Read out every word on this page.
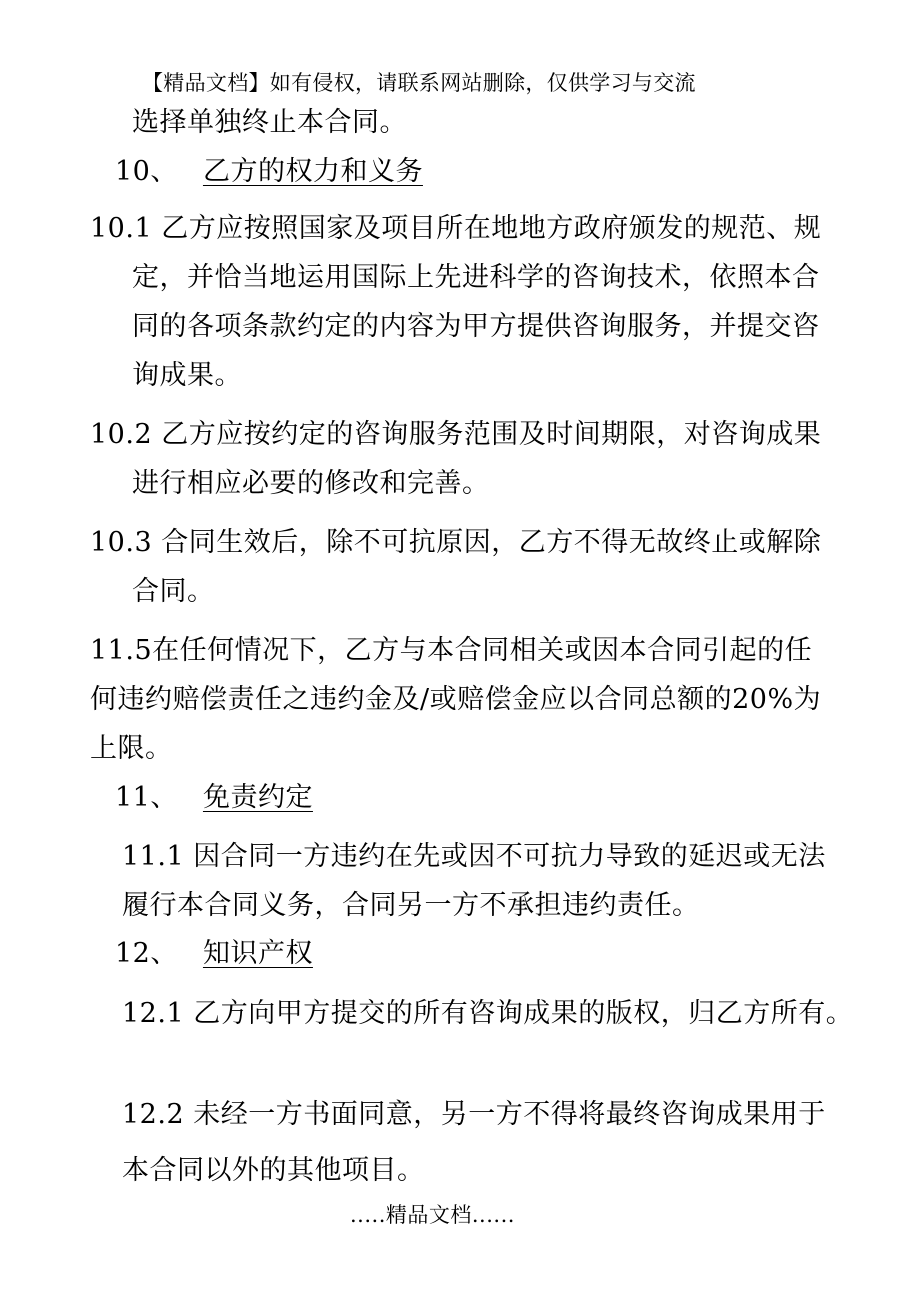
【精品文档】如有侵权，请联系网站删除，仅供学习与交流
选择单独终止本合同。
10、 乙方的权力和义务
10.1 乙方应按照国家及项目所在地地方政府颁发的规范、规
定，并恰当地运用国际上先进科学的咨询技术，依照本合
同的各项条款约定的内容为甲方提供咨询服务，并提交咨
询成果。
10.2 乙方应按约定的咨询服务范围及时间期限，对咨询成果
进行相应必要的修改和完善。
10.3 合同生效后，除不可抗原因，乙方不得无故终止或解除
合同。
11.5在任何情况下，乙方与本合同相关或因本合同引起的任
何违约赔偿责任之违约金及/或赔偿金应以合同总额的20%为
上限。
11、 免责约定
11.1 因合同一方违约在先或因不可抗力导致的延迟或无法
履行本合同义务，合同另一方不承担违约责任。
12、 知识产权
12.1 乙方向甲方提交的所有咨询成果的版权，归乙方所有。
12.2 未经一方书面同意，另一方不得将最终咨询成果用于
本合同以外的其他项目。
.....精品文档......
